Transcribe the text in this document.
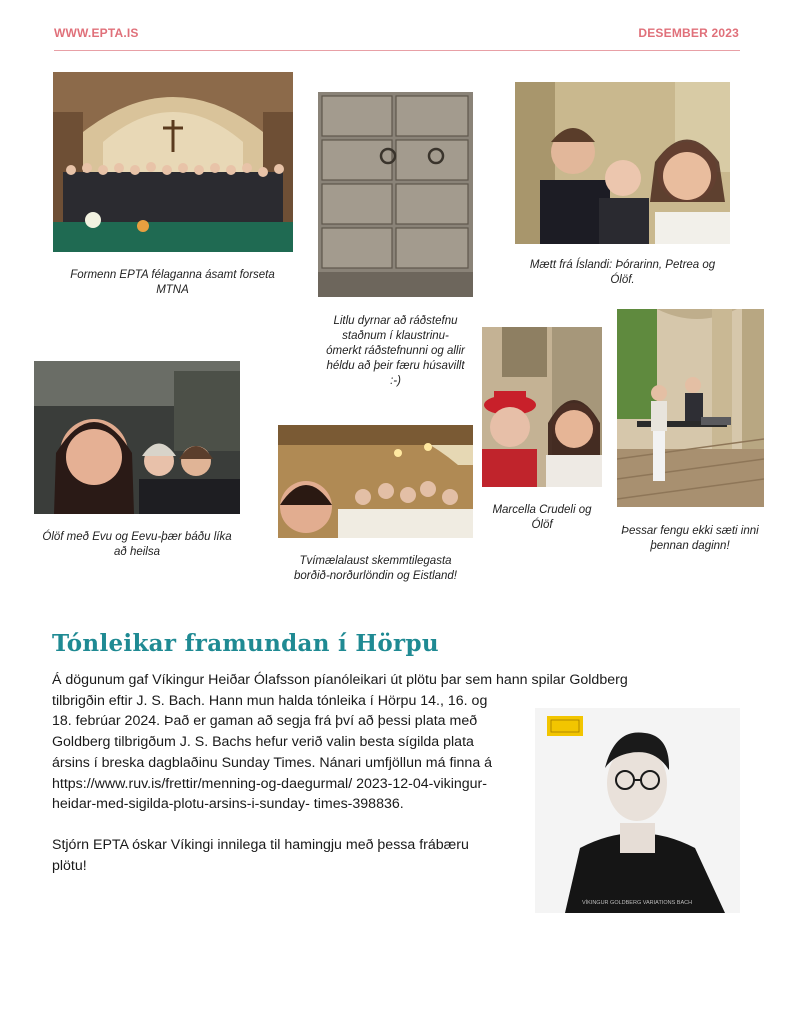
WWW.EPTA.IS	DESEMBER 2023
Formenn EPTA félaganna ásamt forseta
MTNA
Litlu dyrnar að ráðstefnu
staðnum í klaustrinu-
ómerkt ráðstefnunni og allir
héldu að þeir færu húsavillt
:-)
Mætt frá Íslandi: Þórarinn, Petrea og
Ólöf.
Ólöf með Evu og Eevu-þær báðu líka
að heilsa
Tvímælalaust skemmtilegasta
borðið-norðurlöndin og Eistland!
Marcella Crudeli og
Ólöf	Þessar fengu ekki sæti inni
þennan daginn!
Tónleikar framundan í Hörpu
Á dögunum gaf Víkingur Heiðar Ólafsson píanóleikari út plötu þar sem hann spilar Goldberg
tilbrigðin eftir J. S. Bach. Hann mun halda tónleika í Hörpu 14., 16. og
18. febrúar 2024. Það er gaman að segja frá því að þessi plata með
Goldberg tilbrigðum J. S. Bachs hefur verið valin besta sígilda plata
ársins í breska dagblaðinu Sunday Times. Nánari umfjöllun má finna á
https://www.ruv.is/frettir/menning-og-daegurmal/ 2023-12-04-vikingur-
heidar-med-sigilda-plotu-arsins-i-sunday- times-398836.
Stjórn EPTA óskar Víkingi innilega til hamingju með þessa frábæru
plötu!
VÍKINGUR GOLDBERG VARIATIONS BACH
